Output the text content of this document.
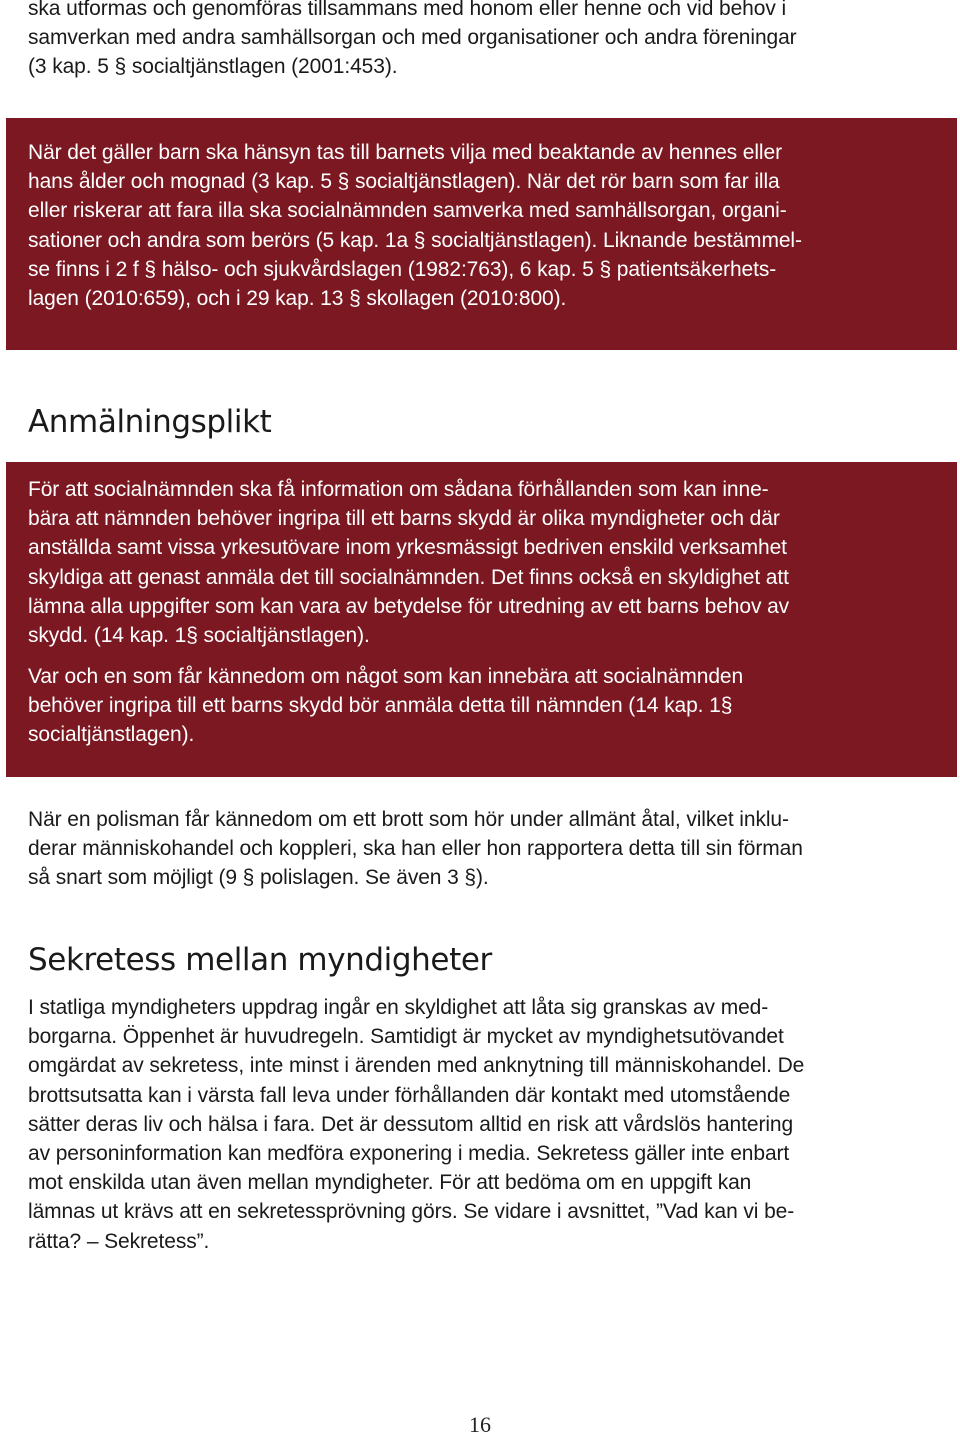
ska utformas och genomföras tillsammans med honom eller henne och vid behov i
samverkan med andra samhällsorgan och med organisationer och andra föreningar
(3 kap. 5 § socialtjänstlagen (2001:453).
När det gäller barn ska hänsyn tas till barnets vilja med beaktande av hennes eller
hans ålder och mognad (3 kap. 5 § socialtjänstlagen). När det rör barn som far illa
eller riskerar att fara illa ska socialnämnden samverka med samhällsorgan, organi-
sationer och andra som berörs (5 kap. 1a § socialtjänstlagen). Liknande bestämmel-
se finns i 2 f § hälso- och sjukvårdslagen (1982:763), 6 kap. 5 § patientsäkerhets-
lagen (2010:659), och i 29 kap. 13 § skollagen (2010:800).
Anmälningsplikt
För att socialnämnden ska få information om sådana förhållanden som kan inne-
bära att nämnden behöver ingripa till ett barns skydd är olika myndigheter och där
anställda samt vissa yrkesutövare inom yrkesmässigt bedriven enskild verksamhet
skyldiga att genast anmäla det till socialnämnden. Det finns också en skyldighet att
lämna alla uppgifter som kan vara av betydelse för utredning av ett barns behov av
skydd. (14 kap. 1§ socialtjänstlagen).
Var och en som får kännedom om något som kan innebära att socialnämnden
behöver ingripa till ett barns skydd bör anmäla detta till nämnden (14 kap. 1§
socialtjänstlagen).
När en polisman får kännedom om ett brott som hör under allmänt åtal, vilket inklu-
derar människohandel och koppleri, ska han eller hon rapportera detta till sin förman
så snart som möjligt (9 § polislagen. Se även 3 §).
Sekretess mellan myndigheter
I statliga myndigheters uppdrag ingår en skyldighet att låta sig granskas av med-
borgarna. Öppenhet är huvudregeln. Samtidigt är mycket av myndighetsutövandet
omgärdat av sekretess, inte minst i ärenden med anknytning till människohandel. De
brottsutsatta kan i värsta fall leva under förhållanden där kontakt med utomstående
sätter deras liv och hälsa i fara. Det är dessutom alltid en risk att vårdslös hantering
av personinformation kan medföra exponering i media. Sekretess gäller inte enbart
mot enskilda utan även mellan myndigheter. För att bedöma om en uppgift kan
lämnas ut krävs att en sekretessprövning görs. Se vidare i avsnittet, ”Vad kan vi be-
rätta? – Sekretess”.
16
